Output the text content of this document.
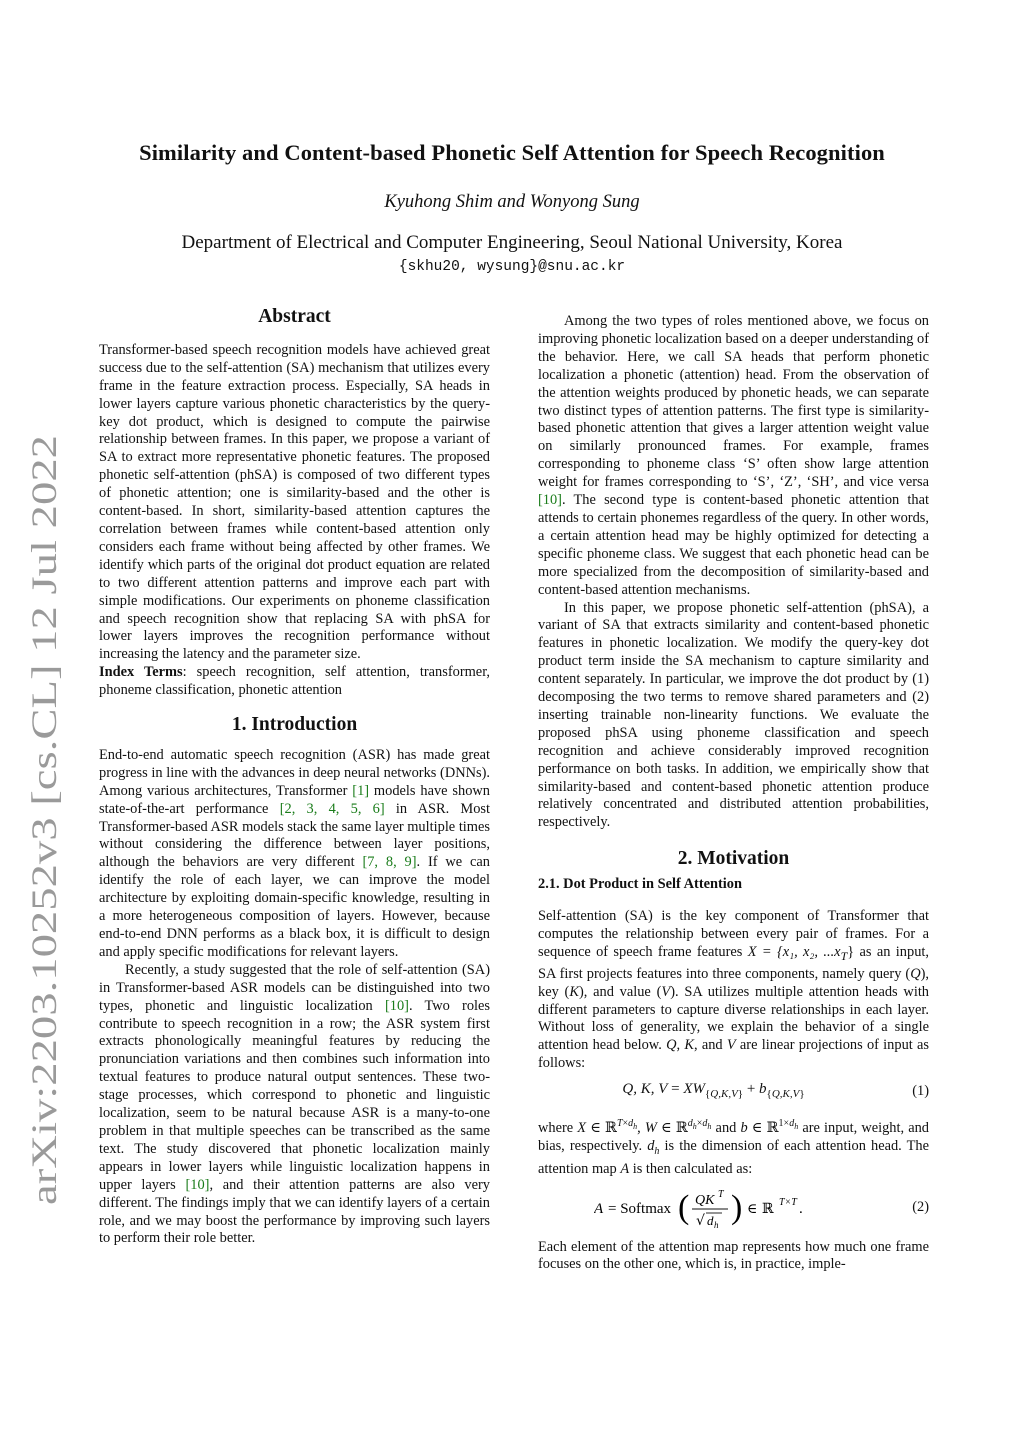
arXiv:2203.10252v3 [cs.CL] 12 Jul 2022
Similarity and Content-based Phonetic Self Attention for Speech Recognition
Kyuhong Shim and Wonyong Sung
Department of Electrical and Computer Engineering, Seoul National University, Korea
{skhu20, wysung}@snu.ac.kr
Abstract

Transformer-based speech recognition models have achieved great success due to the self-attention (SA) mechanism that utilizes every frame in the feature extraction process. Especially, SA heads in lower layers capture various phonetic characteristics by the query-key dot product, which is designed to compute the pairwise relationship between frames. In this paper, we propose a variant of SA to extract more representative phonetic features. The proposed phonetic self-attention (phSA) is composed of two different types of phonetic attention; one is similarity-based and the other is content-based. In short, similarity-based attention captures the correlation between frames while content-based attention only considers each frame without being affected by other frames. We identify which parts of the original dot product equation are related to two different attention patterns and improve each part with simple modifications. Our experiments on phoneme classification and speech recognition show that replacing SA with phSA for lower layers improves the recognition performance without increasing the latency and the parameter size.

Index Terms: speech recognition, self attention, transformer, phoneme classification, phonetic attention

1. Introduction

End-to-end automatic speech recognition (ASR) has made great progress in line with the advances in deep neural networks (DNNs). Among various architectures, Transformer [1] models have shown state-of-the-art performance [2, 3, 4, 5, 6] in ASR. Most Transformer-based ASR models stack the same layer multiple times without considering the difference between layer positions, although the behaviors are very different [7, 8, 9]. If we can identify the role of each layer, we can improve the model architecture by exploiting domain-specific knowledge, resulting in a more heterogeneous composition of layers. However, because end-to-end DNN performs as a black box, it is difficult to design and apply specific modifications for relevant layers.

Recently, a study suggested that the role of self-attention (SA) in Transformer-based ASR models can be distinguished into two types, phonetic and linguistic localization [10]. Two roles contribute to speech recognition in a row; the ASR system first extracts phonologically meaningful features by reducing the pronunciation variations and then combines such information into textual features to produce natural output sentences. These two-stage processes, which correspond to phonetic and linguistic localization, seem to be natural because ASR is a many-to-one problem in that multiple speeches can be transcribed as the same text. The study discovered that phonetic localization mainly appears in lower layers while linguistic localization happens in upper layers [10], and their attention patterns are also very different. The findings imply that we can identify layers of a certain role, and we may boost the performance by improving such layers to perform their role better.

Among the two types of roles mentioned above, we focus on improving phonetic localization based on a deeper understanding of the behavior. Here, we call SA heads that perform phonetic localization a phonetic (attention) head. From the observation of the attention weights produced by phonetic heads, we can separate two distinct types of attention patterns. The first type is similarity-based phonetic attention that gives a larger attention weight value on similarly pronounced frames. For example, frames corresponding to phoneme class ‘S’ often show large attention weight for frames corresponding to ‘S’, ‘Z’, ‘SH’, and vice versa [10]. The second type is content-based phonetic attention that attends to certain phonemes regardless of the query. In other words, a certain attention head may be highly optimized for detecting a specific phoneme class. We suggest that each phonetic head can be more specialized from the decomposition of similarity-based and content-based attention mechanisms.

In this paper, we propose phonetic self-attention (phSA), a variant of SA that extracts similarity and content-based phonetic features in phonetic localization. We modify the query-key dot product term inside the SA mechanism to capture similarity and content separately. In particular, we improve the dot product by (1) decomposing the two terms to remove shared parameters and (2) inserting trainable non-linearity functions. We evaluate the proposed phSA using phoneme classification and speech recognition and achieve considerably improved recognition performance on both tasks. In addition, we empirically show that similarity-based and content-based phonetic attention produce relatively concentrated and distributed attention probabilities, respectively.

2. Motivation
2.1. Dot Product in Self Attention

Self-attention (SA) is the key component of Transformer that computes the relationship between every pair of frames. For a sequence of speech frame features X = {x₁, x₂, $...x_T$} as an input, SA first projects features into three components, namely query (Q), key (K), and value (V). SA utilizes multiple attention heads with different parameters to capture diverse relationships in each layer. Without loss of generality, we explain the behavior of a single attention head below. Q, K, and V are linear projections of input as follows:

Q, K, $V = XW_{\{Q,K,V\}} + b_{\{Q,K,V\}}$	(1)

where X ∈ ℝ$^{T\times d_h}$, W ∈ ℝ$^{d_h\times d_h}$ and b ∈ ℝ$^{1\times d_h}$ are input, weight, and bias, respectively. $d_h$ is the dimension of each attention head. The attention map A is then calculated as:

A = Softmax ( QK T
√ d h ) ∈ ℝ T×T .	(2)

Each element of the attention map represents how much one frame focuses on the other one, which is, in practice, imple-
